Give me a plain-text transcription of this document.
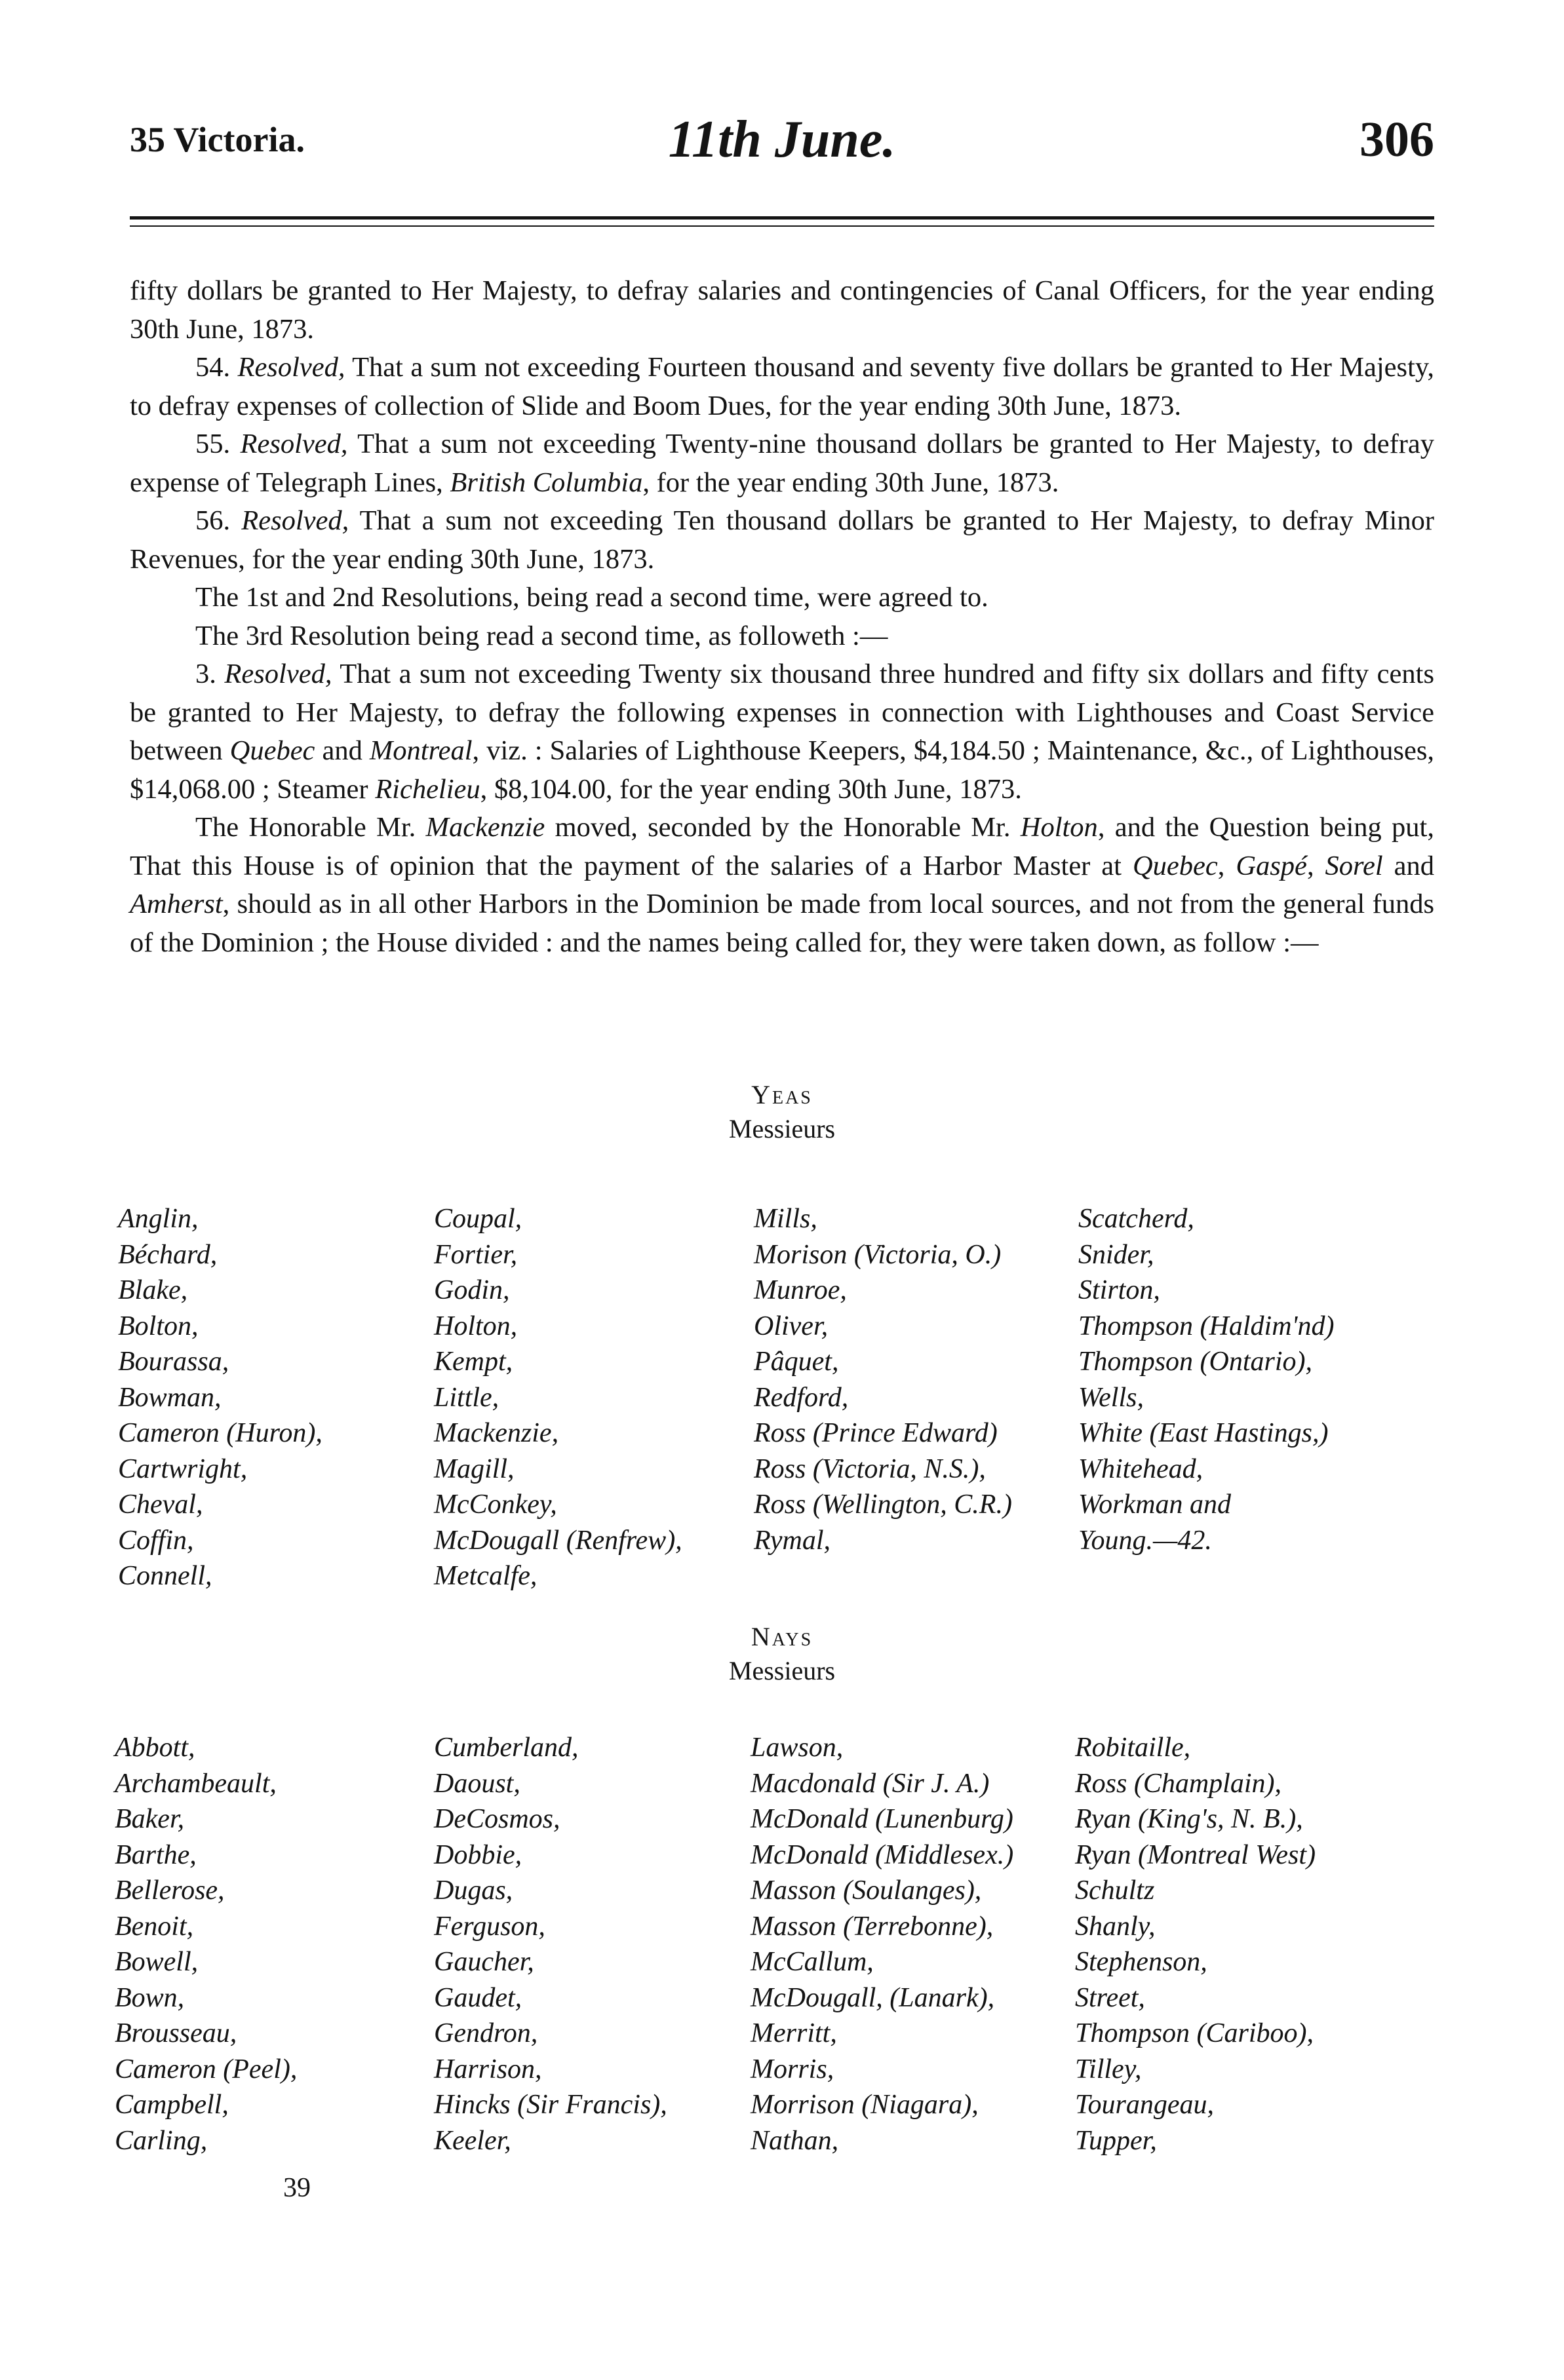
35 Victoria.	11th June.	306

fifty dollars be granted to Her Majesty, to defray salaries and contingencies of Canal Officers, for the year ending 30th June, 1873.

54. Resolved, That a sum not exceeding Fourteen thousand and seventy five dollars be granted to Her Majesty, to defray expenses of collection of Slide and Boom Dues, for the year ending 30th June, 1873.

55. Resolved, That a sum not exceeding Twenty-nine thousand dollars be granted to Her Majesty, to defray expense of Telegraph Lines, British Columbia, for the year ending 30th June, 1873.

56. Resolved, That a sum not exceeding Ten thousand dollars be granted to Her Majesty, to defray Minor Revenues, for the year ending 30th June, 1873.

The 1st and 2nd Resolutions, being read a second time, were agreed to.

The 3rd Resolution being read a second time, as followeth :—

3. Resolved, That a sum not exceeding Twenty six thousand three hundred and fifty six dollars and fifty cents be granted to Her Majesty, to defray the following expenses in connection with Lighthouses and Coast Service between Quebec and Montreal, viz. : Salaries of Lighthouse Keepers, $4,184.50 ; Maintenance, &c., of Lighthouses, $14,068.00 ; Steamer Richelieu, $8,104.00, for the year ending 30th June, 1873.

The Honorable Mr. Mackenzie moved, seconded by the Honorable Mr. Holton, and the Question being put, That this House is of opinion that the payment of the salaries of a Harbor Master at Quebec, Gaspé, Sorel and Amherst, should as in all other Harbors in the Dominion be made from local sources, and not from the general funds of the Dominion ; the House divided : and the names being called for, they were taken down, as follow :—

Yeas
Messieurs
Anglin,
Béchard,
Blake,
Bolton,
Bourassa,
Bowman,
Cameron (Huron),
Cartwright,
Cheval,
Coffin,
Connell,
Coupal,
Fortier,
Godin,
Holton,
Kempt,
Little,
Mackenzie,
Magill,
McConkey,
McDougall (Renfrew),
Metcalfe,
Mills,
Morison (Victoria, O.)
Munroe,
Oliver,
Pâquet,
Redford,
Ross (Prince Edward)
Ross (Victoria, N.S.),
Ross (Wellington, C.R.)
Rymal,
Scatcherd,
Snider,
Stirton,
Thompson (Haldim'nd)
Thompson (Ontario),
Wells,
White (East Hastings,)
Whitehead,
Workman and
Young.—42.
Nays
Messieurs
Abbott,
Archambeault,
Baker,
Barthe,
Bellerose,
Benoit,
Bowell,
Bown,
Brousseau,
Cameron (Peel),
Campbell,
Carling,
Cumberland,
Daoust,
DeCosmos,
Dobbie,
Dugas,
Ferguson,
Gaucher,
Gaudet,
Gendron,
Harrison,
Hincks (Sir Francis),
Keeler,
Lawson,
Macdonald (Sir J. A.)
McDonald (Lunenburg)
McDonald (Middlesex.)
Masson (Soulanges),
Masson (Terrebonne),
McCallum,
McDougall, (Lanark),
Merritt,
Morris,
Morrison (Niagara),
Nathan,
Robitaille,
Ross (Champlain),
Ryan (King's, N. B.),
Ryan (Montreal West)
Schultz
Shanly,
Stephenson,
Street,
Thompson (Cariboo),
Tilley,
Tourangeau,
Tupper,
39
